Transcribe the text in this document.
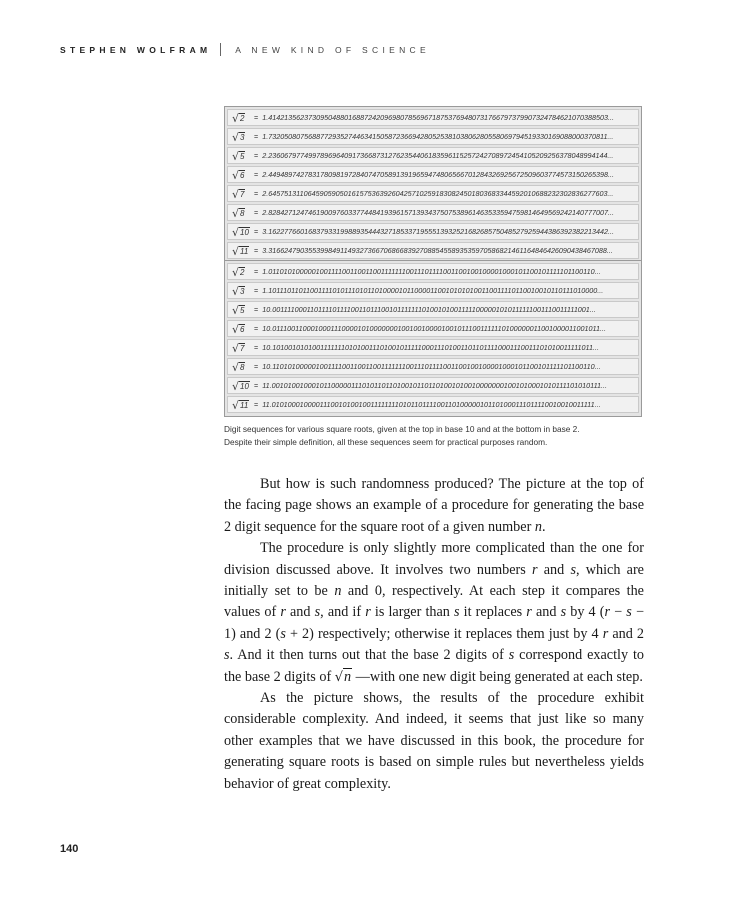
STEPHEN WOLFRAM	A NEW KIND OF SCIENCE
√2	= 1.4142135623730950488016887242096980785696718753769480731766797379907324784621070388503...
√3	= 1.7320508075688772935274463415058723669428052538103806280558069794519330169088000370811...
√5	= 2.2360679774997896964091736687312762354406183596115257242708972454105209256378048994144...
√6	= 2.4494897427831780981972840747058913919659474806566701284326925672509603774573150265398...
√7	= 2.6457513110645905905016157536392604257102591830824501803683344592010688232302836277603...
√8	= 2.8284271247461900976033774484193961571393437507538961463533594759814649569242140777007...
√10 = 3.1622776601683793319988935444327185337195551393252168268575048527925944386392382213442...
√11 = 3.3166247903553998491149327366706866839270885455893535970586821461164846426090438467088...
√2	= 1.0110101000001001111001100110011111110011101111001100100100001000101100101111101100110...
√3	= 1.1011101101100111101011101011010000101100001100101010100110011110110010010110111010000...
√5	= 10.001111000110111101111001101110010111111101001010011111000001010111111001110011111001...
√6	= 10.011100110001000111000010100000001001001000010010111001111110100000011001000011001011...
√7	= 10.101001010100111111101010011101001011111000111010011011011110001110011101010011111011...
√8	= 10.110101000001001111001100110011111110011101111001100100100001000101100101111101100110...
√10 = 11.001010010001011000001110101101101001011011010010100100000001001010001010111101010111...
√11 = 11.010100010000111001010010011111111010110111100110100000101101000111011110010010011111...
Digit sequences for various square roots, given at the top in base 10 and at the bottom in base 2.
Despite their simple definition, all these sequences seem for practical purposes random.

But how is such randomness produced? The picture at the top of the facing page shows an example of a procedure for generating the base 2 digit sequence for the square root of a given number n.

The procedure is only slightly more complicated than the one for division discussed above. It involves two numbers r and s, which are initially set to be n and 0, respectively. At each step it compares the values of r and s, and if r is larger than s it replaces r and s by 4 (r − s − 1) and 2 (s + 2) respectively; otherwise it replaces them just by 4 r and 2 s. And it then turns out that the base 2 digits of s correspond exactly to the base 2 digits of √n —with one new digit being generated at each step.

As the picture shows, the results of the procedure exhibit considerable complexity. And indeed, it seems that just like so many other examples that we have discussed in this book, the procedure for generating square roots is based on simple rules but nevertheless yields behavior of great complexity.

140
